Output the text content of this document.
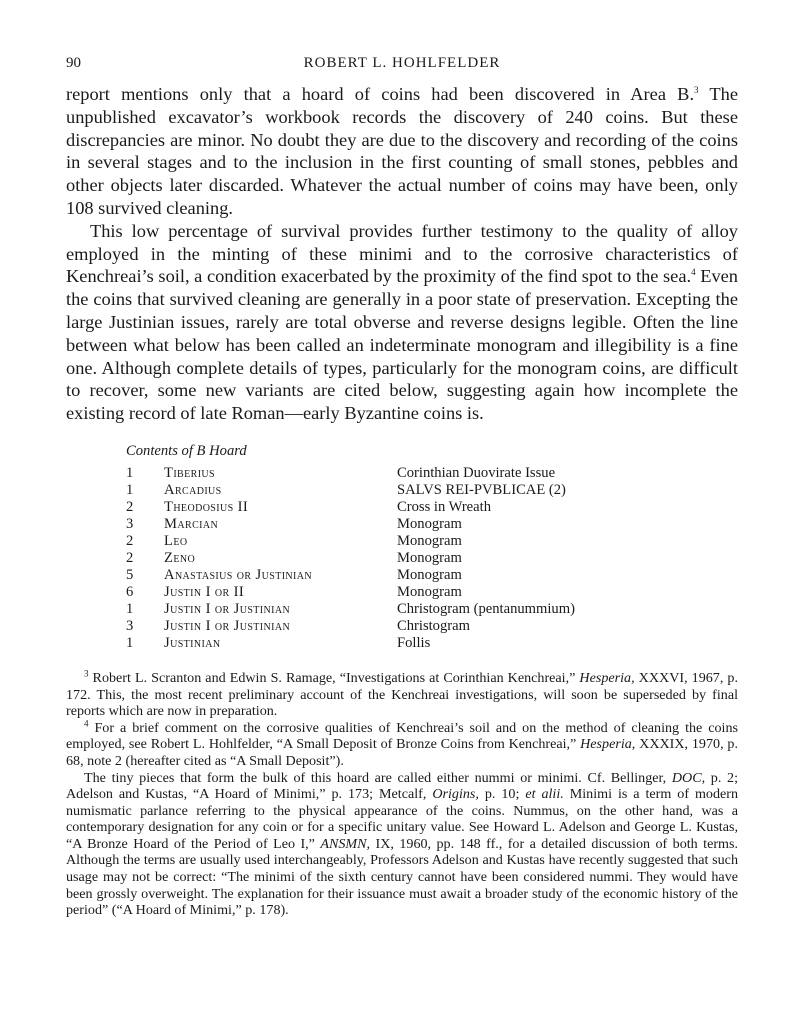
90	ROBERT L. HOHLFELDER

report mentions only that a hoard of coins had been discovered in Area B.$^3$ The unpublished excavator’s workbook records the discovery of 240 coins. But these discrepancies are minor. No doubt they are due to the discovery and recording of the coins in several stages and to the inclusion in the first counting of small stones, pebbles and other objects later discarded. Whatever the actual number of coins may have been, only 108 survived cleaning.

This low percentage of survival provides further testimony to the quality of alloy employed in the minting of these minimi and to the corrosive characteristics of Kenchreai’s soil, a condition exacerbated by the proximity of the find spot to the sea.$^4$ Even the coins that survived cleaning are generally in a poor state of preservation. Excepting the large Justinian issues, rarely are total obverse and reverse designs legible. Often the line between what below has been called an indeterminate monogram and illegibility is a fine one. Although complete details of types, particularly for the monogram coins, are difficult to recover, some new variants are cited below, suggesting again how incomplete the existing record of late Roman—early Byzantine coins is.

Contents of B Hoard
1	Tiberius	Corinthian Duovirate Issue
1	Arcadius	SALVS REI-PVBLICAE (2)
2	Theodosius II	Cross in Wreath
3	Marcian	Monogram
2	Leo	Monogram
2	Zeno	Monogram
5	Anastasius or Justinian	Monogram
6	Justin I or II	Monogram
1	Justin I or Justinian	Christogram (pentanummium)
3	Justin I or Justinian	Christogram
1	Justinian	Follis

$^3$ Robert L. Scranton and Edwin S. Ramage, “Investigations at Corinthian Kenchreai,” Hesperia, XXXVI, 1967, p. 172. This, the most recent preliminary account of the Kenchreai investigations, will soon be superseded by final reports which are now in preparation.

$^4$ For a brief comment on the corrosive qualities of Kenchreai’s soil and on the method of cleaning the coins employed, see Robert L. Hohlfelder, “A Small Deposit of Bronze Coins from Kenchreai,” Hesperia, XXXIX, 1970, p. 68, note 2 (hereafter cited as “A Small Deposit”).

The tiny pieces that form the bulk of this hoard are called either nummi or minimi. Cf. Bellinger, DOC, p. 2; Adelson and Kustas, “A Hoard of Minimi,” p. 173; Metcalf, Origins, p. 10; et alii. Minimi is a term of modern numismatic parlance referring to the physical appearance of the coins. Nummus, on the other hand, was a contemporary designation for any coin or for a specific unitary value. See Howard L. Adelson and George L. Kustas, “A Bronze Hoard of the Period of Leo I,” ANSMN, IX, 1960, pp. 148 ff., for a detailed discussion of both terms. Although the terms are usually used interchangeably, Professors Adelson and Kustas have recently suggested that such usage may not be correct: “The minimi of the sixth century cannot have been considered nummi. They would have been grossly overweight. The explanation for their issuance must await a broader study of the economic history of the period” (“A Hoard of Minimi,” p. 178).
